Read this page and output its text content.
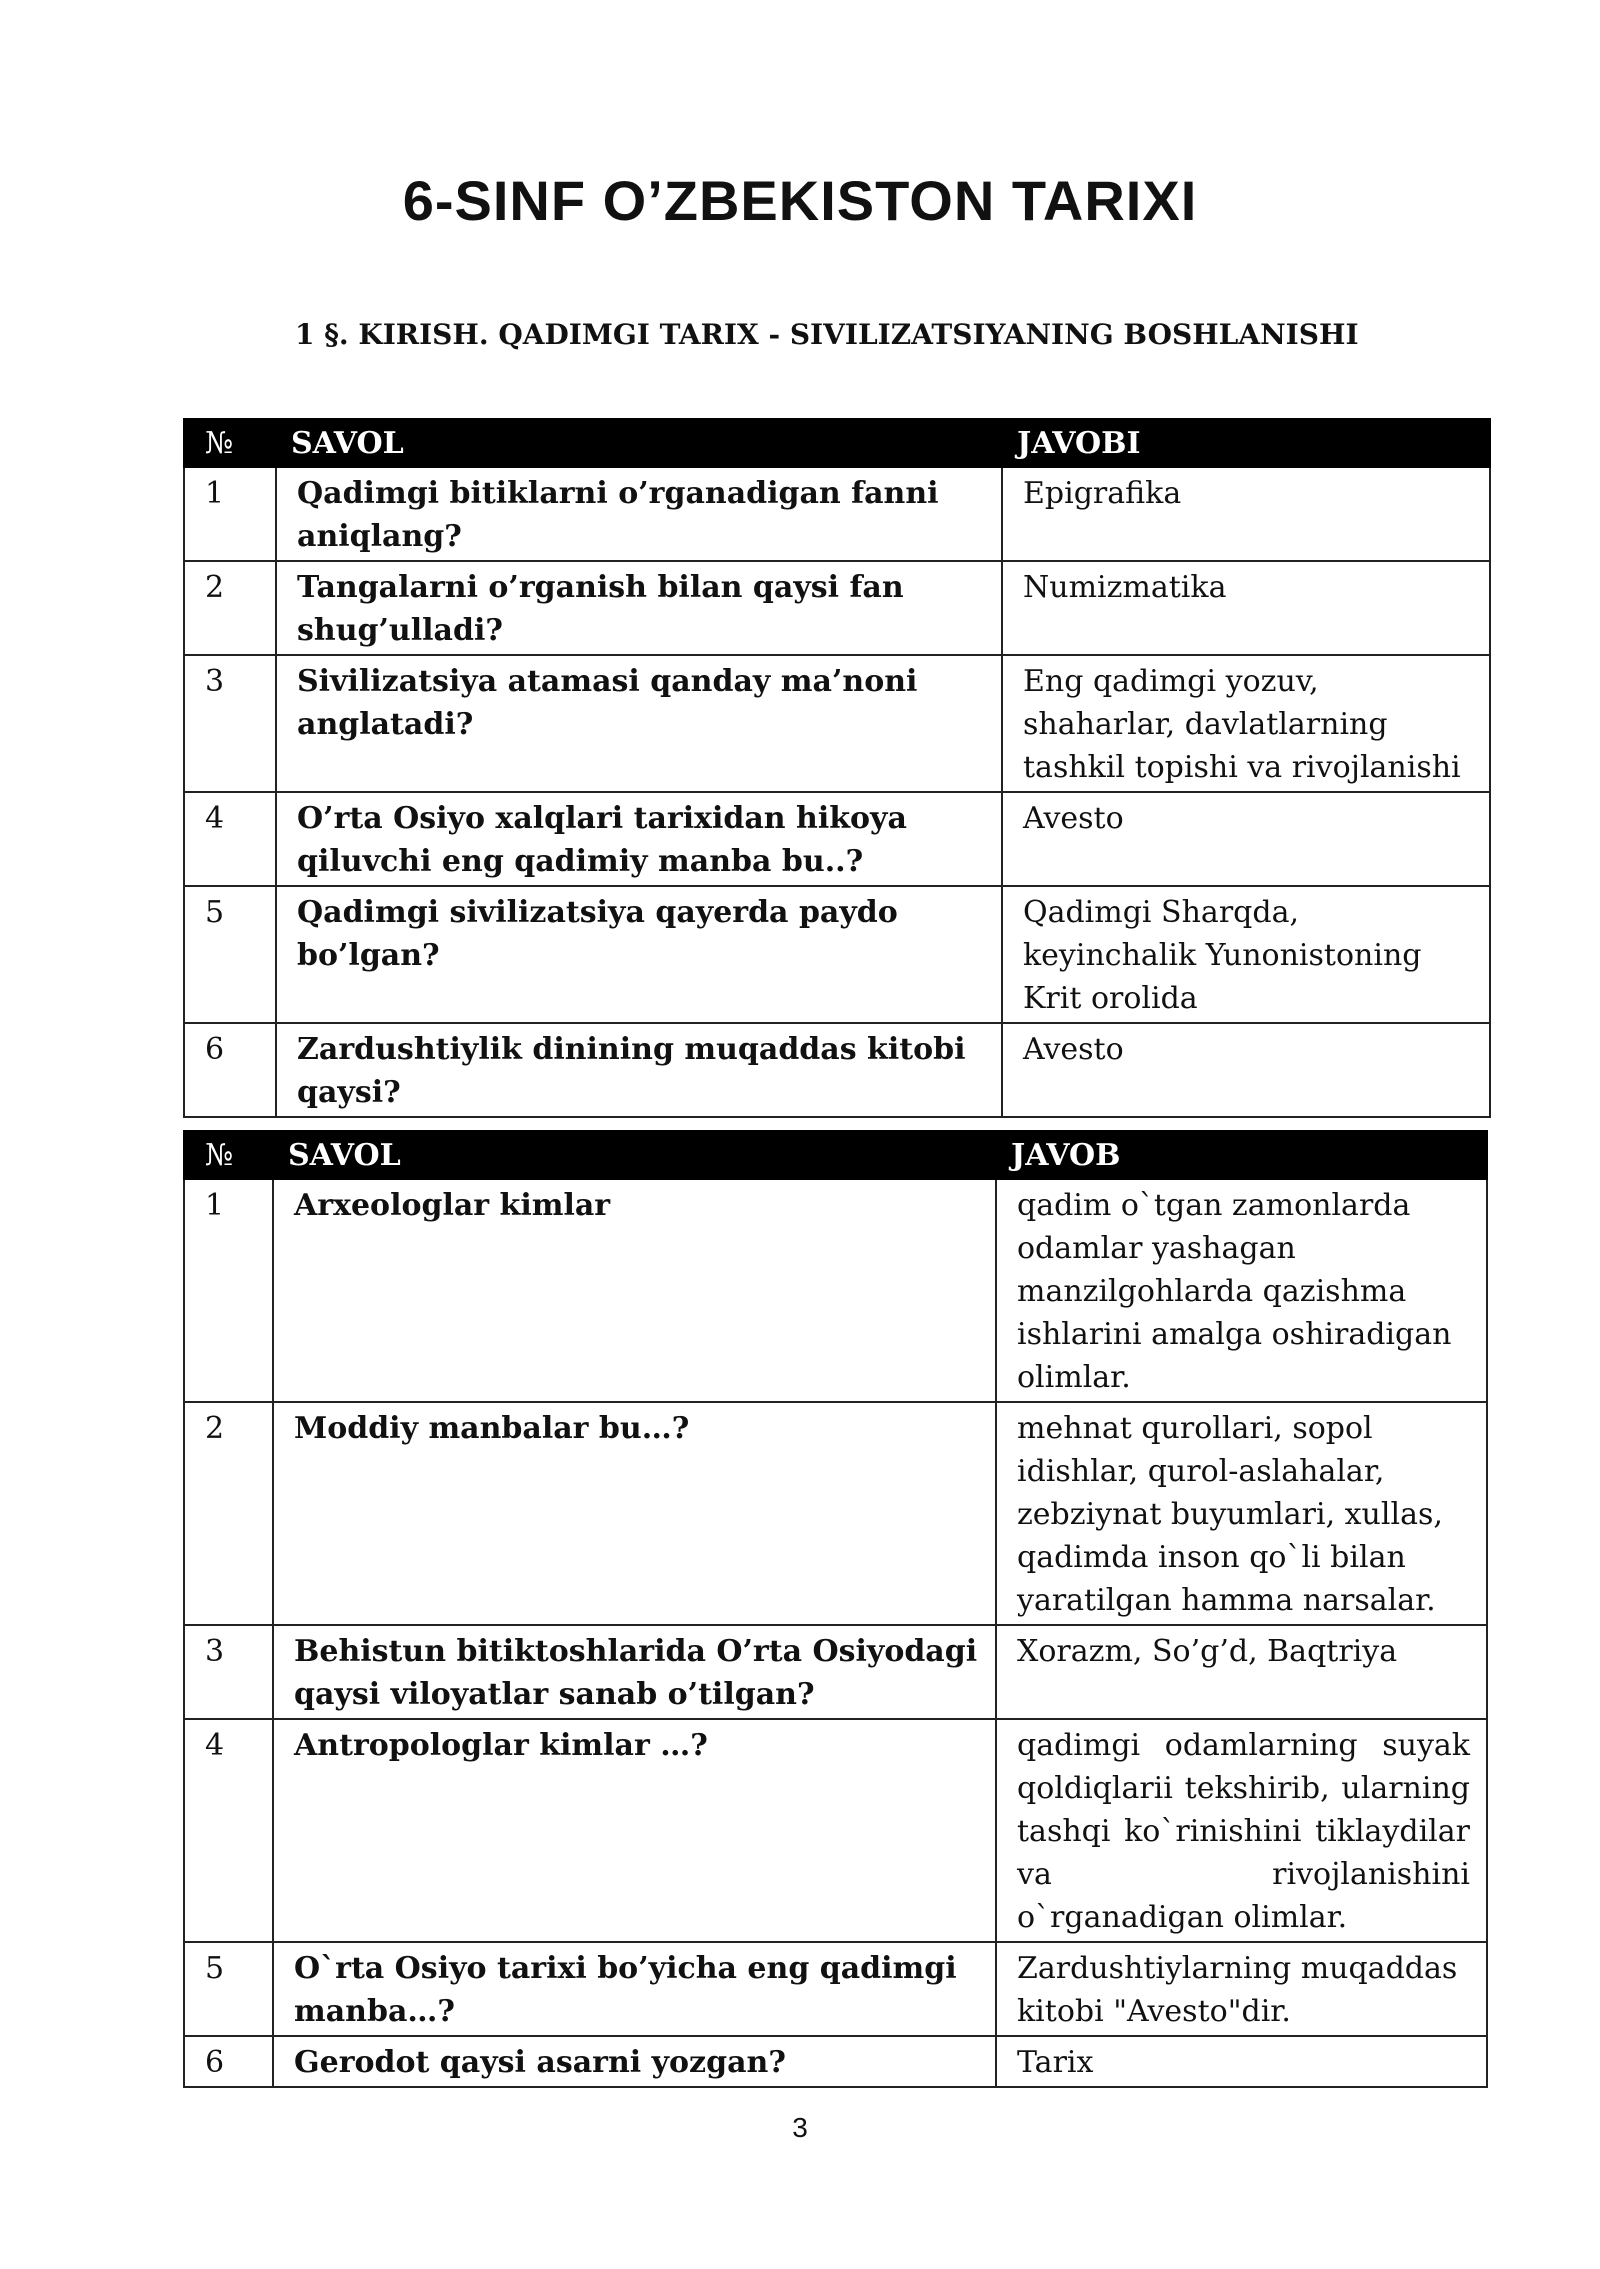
6-SINF O’ZBEKISTON TARIXI
1 §. KIRISH. QADIMGI TARIX - SIVILIZATSIYANING BOSHLANISHI
№	SAVOL	JAVOBI
1	Qadimgi bitiklarni o’rganadigan fanni aniqlang?	Epigrafika
2	Tangalarni o’rganish bilan qaysi fan shug’ulladi?	Numizmatika
3	Sivilizatsiya atamasi qanday ma’noni anglatadi?	Eng qadimgi yozuv, shaharlar, davlatlarning tashkil topishi va rivojlanishi
4	O’rta Osiyo xalqlari tarixidan hikoya qiluvchi eng qadimiy manba bu..?	Avesto
5	Qadimgi sivilizatsiya qayerda paydo bo’lgan?	Qadimgi Sharqda, keyinchalik Yunonistoning Krit orolida
6	Zardushtiylik dinining muqaddas kitobi qaysi?	Avesto
№	SAVOL	JAVOB
1	Arxeologlar kimlar	qadim o`tgan zamonlarda odamlar yashagan manzilgohlarda qazishma ishlarini amalga oshiradigan olimlar.
2	Moddiy manbalar bu…?	mehnat qurollari, sopol idishlar, qurol-aslahalar, zebziynat buyumlari, xullas, qadimda inson qo`li bilan yaratilgan hamma narsalar.
3	Behistun bitiktoshlarida O’rta Osiyodagi qaysi viloyatlar sanab o’tilgan?	Xorazm, So’g’d, Baqtriya
4	Antropologlar kimlar …?	qadimgi odamlarning suyak qoldiqlarii tekshirib, ularning tashqi ko`rinishini tiklaydilar va rivojlanishini o`rganadigan olimlar.
5	O`rta Osiyo tarixi bo’yicha eng qadimgi manba…?	Zardushtiylarning muqaddas kitobi "Avesto"dir.
6	Gerodot qaysi asarni yozgan?	Tarix

3
